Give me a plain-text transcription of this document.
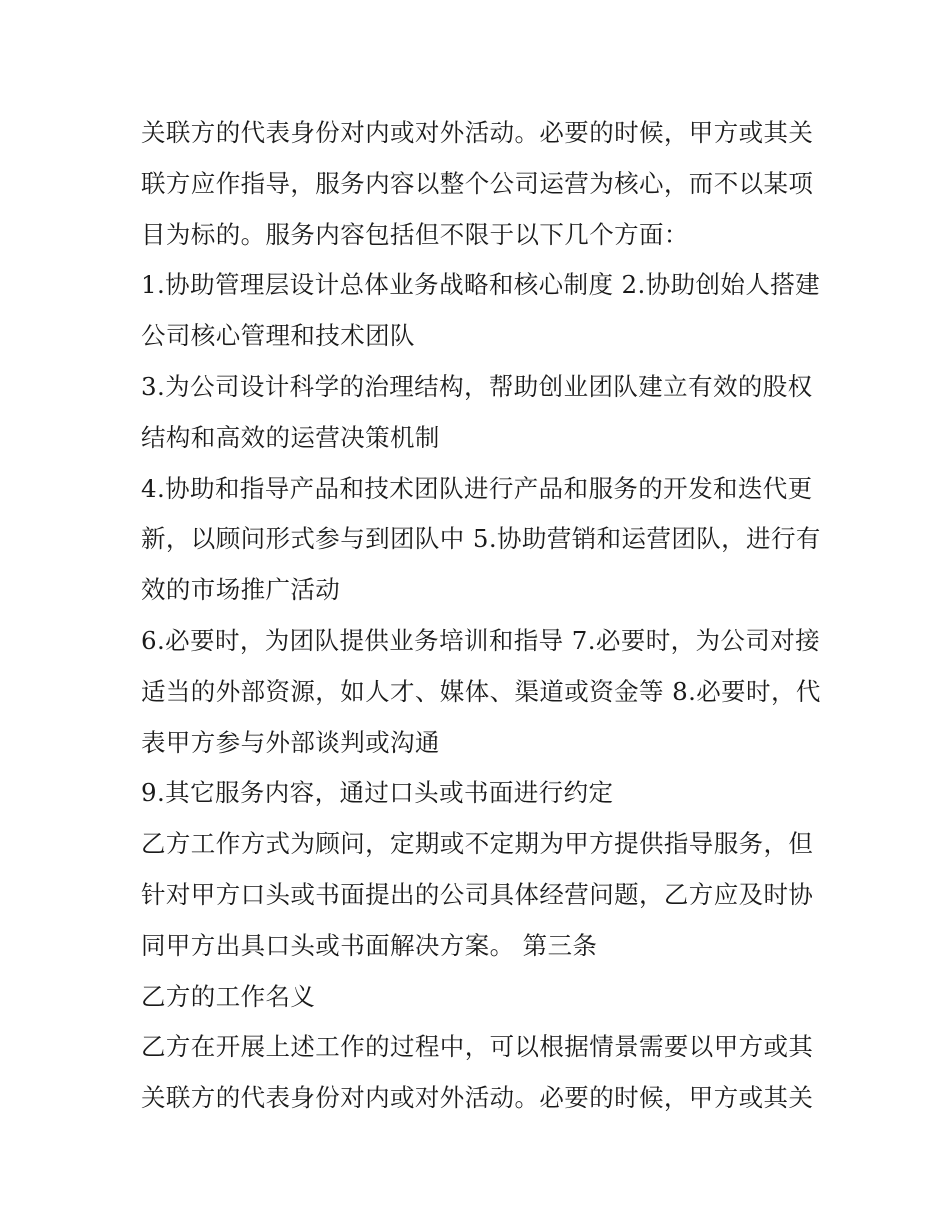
关联方的代表身份对内或对外活动。必要的时候，甲方或其关
联方应作指导，服务内容以整个公司运营为核心，而不以某项
目为标的。服务内容包括但不限于以下几个方面：
1.协助管理层设计总体业务战略和核心制度 2.协助创始人搭建
公司核心管理和技术团队
3.为公司设计科学的治理结构，帮助创业团队建立有效的股权
结构和高效的运营决策机制
4.协助和指导产品和技术团队进行产品和服务的开发和迭代更
新，以顾问形式参与到团队中 5.协助营销和运营团队，进行有
效的市场推广活动
6.必要时，为团队提供业务培训和指导 7.必要时，为公司对接
适当的外部资源，如人才、媒体、渠道或资金等 8.必要时，代
表甲方参与外部谈判或沟通
9.其它服务内容，通过口头或书面进行约定
乙方工作方式为顾问，定期或不定期为甲方提供指导服务，但
针对甲方口头或书面提出的公司具体经营问题，乙方应及时协
同甲方出具口头或书面解决方案。 第三条
乙方的工作名义
乙方在开展上述工作的过程中，可以根据情景需要以甲方或其
关联方的代表身份对内或对外活动。必要的时候，甲方或其关
